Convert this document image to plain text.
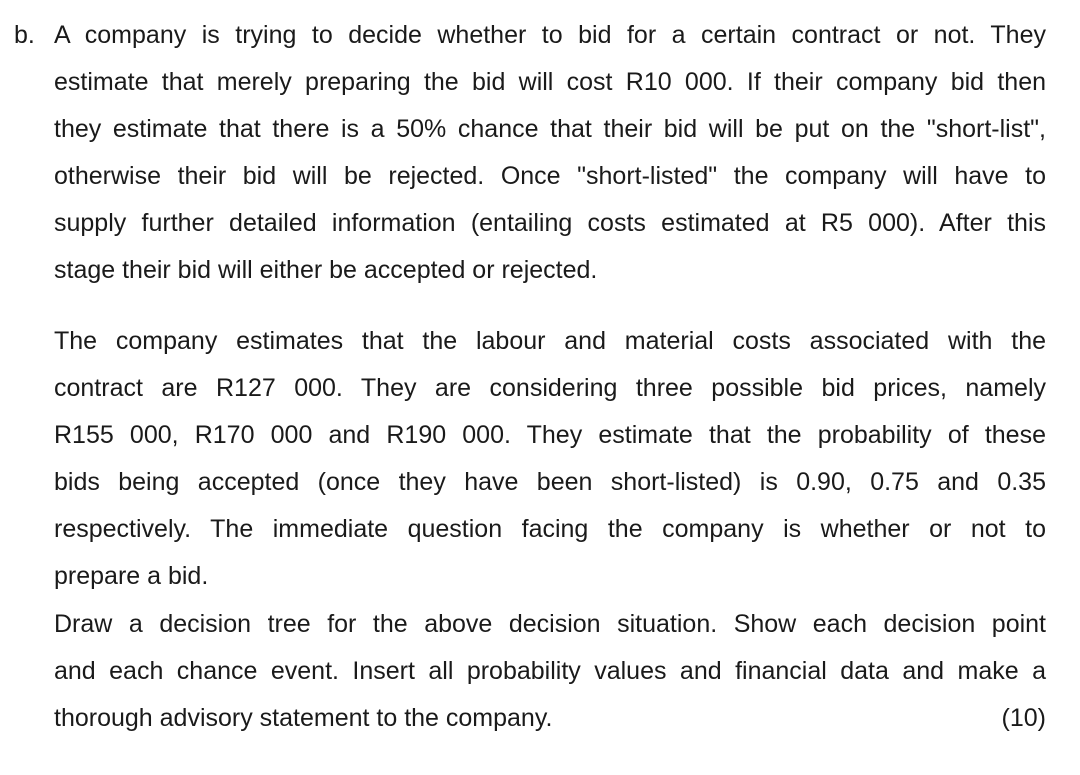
b. A company is trying to decide whether to bid for a certain contract or not. They
estimate that merely preparing the bid will cost R10 000. If their company bid then
they estimate that there is a 50% chance that their bid will be put on the "short-list",
otherwise their bid will be rejected. Once "short-listed" the company will have to
supply further detailed information (entailing costs estimated at R5 000). After this
stage their bid will either be accepted or rejected.
The company estimates that the labour and material costs associated with the
contract are R127 000. They are considering three possible bid prices, namely
R155 000, R170 000 and R190 000. They estimate that the probability of these
bids being accepted (once they have been short-listed) is 0.90, 0.75 and 0.35
respectively. The immediate question facing the company is whether or not to
prepare a bid.
Draw a decision tree for the above decision situation. Show each decision point
and each chance event. Insert all probability values and financial data and make a
thorough advisory statement to the company.	(10)
